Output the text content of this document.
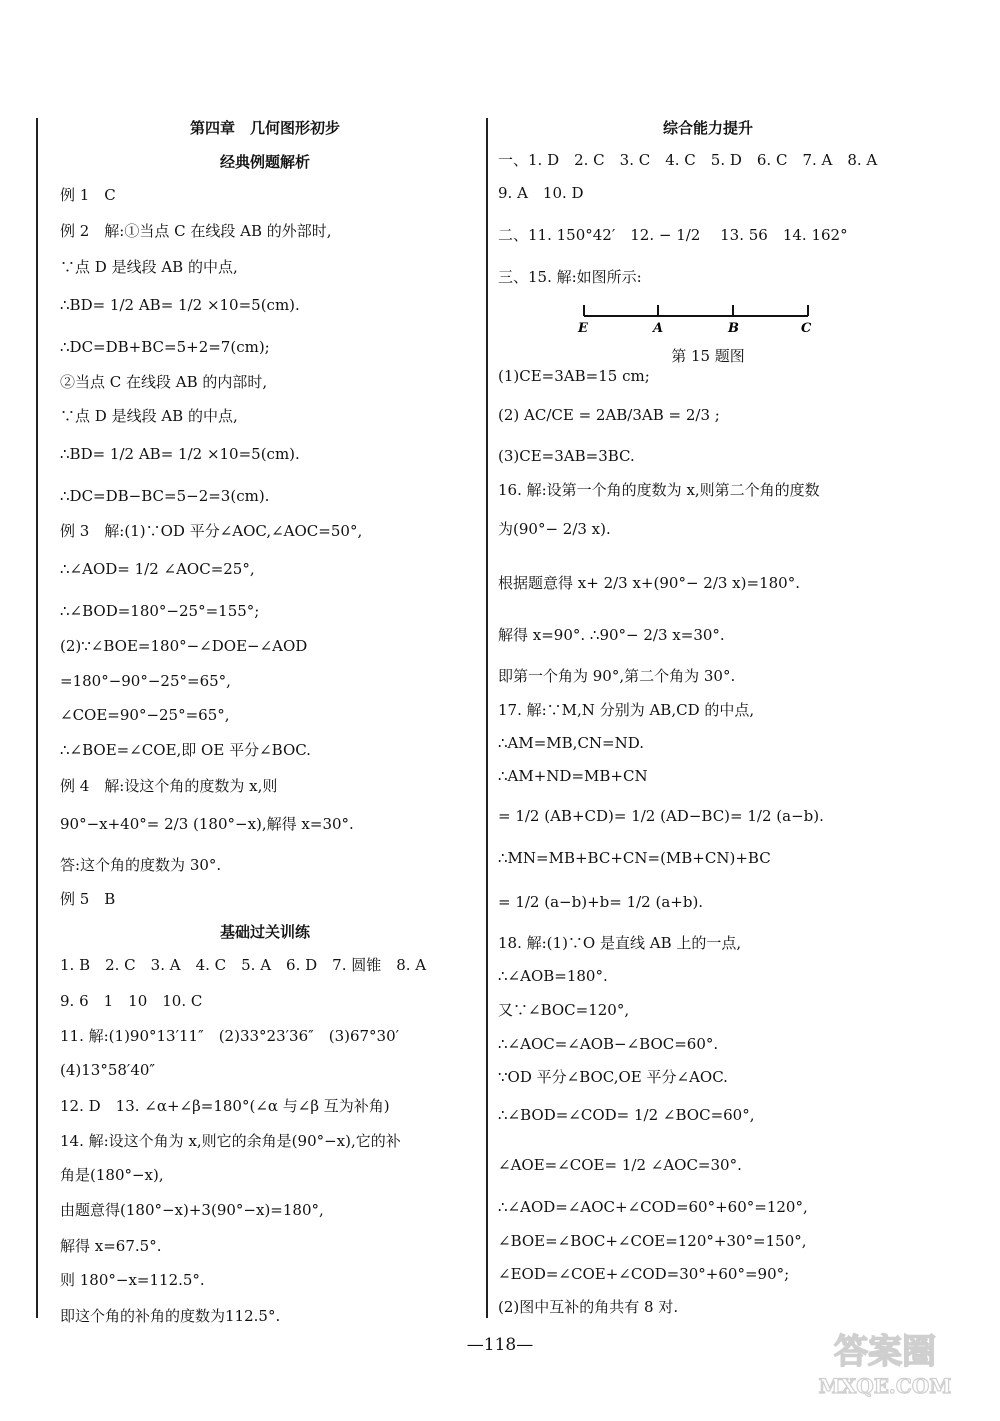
第四章　几何图形初步
经典例题解析
例 1　C
例 2　解:①当点 C 在线段 AB 的外部时,
∵点 D 是线段 AB 的中点,
∴BD= 1/2 AB= 1/2 ×10=5(cm).
∴DC=DB+BC=5+2=7(cm);
②当点 C 在线段 AB 的内部时,
∵点 D 是线段 AB 的中点,
∴BD= 1/2 AB= 1/2 ×10=5(cm).
∴DC=DB−BC=5−2=3(cm).
例 3　解:(1)∵OD 平分∠AOC,∠AOC=50°,
∴∠AOD= 1/2 ∠AOC=25°,
∴∠BOD=180°−25°=155°;
(2)∵∠BOE=180°−∠DOE−∠AOD
=180°−90°−25°=65°,
∠COE=90°−25°=65°,
∴∠BOE=∠COE,即 OE 平分∠BOC.
例 4　解:设这个角的度数为 x,则
90°−x+40°= 2/3 (180°−x),解得 x=30°.
答:这个角的度数为 30°.
例 5　B
基础过关训练
1. B　2. C　3. A　4. C　5. A　6. D　7. 圆锥　8. A
9. 6　1　10　10. C
11. 解:(1)90°13′11″　(2)33°23′36″　(3)67°30′
(4)13°58′40″
12. D　13. ∠α+∠β=180°(∠α 与∠β 互为补角)
14. 解:设这个角为 x,则它的余角是(90°−x),它的补
角是(180°−x),
由题意得(180°−x)+3(90°−x)=180°,
解得 x=67.5°.
则 180°−x=112.5°.
即这个角的补角的度数为112.5°.
综合能力提升
一、1. D　2. C　3. C　4. C　5. D　6. C　7. A　8. A
9. A　10. D
二、11. 150°42′　12. − 1/2 　13. 56　14. 162°
三、15. 解:如图所示:
E	A	B	C
第 15 题图
(1)CE=3AB=15 cm;
(2) AC/CE = 2AB/3AB = 2/3 ;
(3)CE=3AB=3BC.
16. 解:设第一个角的度数为 x,则第二个角的度数
为(90°− 2/3 x).
根据题意得 x+ 2/3 x+(90°− 2/3 x)=180°.
解得 x=90°. ∴90°− 2/3 x=30°.
即第一个角为 90°,第二个角为 30°.
17. 解:∵M,N 分别为 AB,CD 的中点,
∴AM=MB,CN=ND.
∴AM+ND=MB+CN
= 1/2 (AB+CD)= 1/2 (AD−BC)= 1/2 (a−b).
∴MN=MB+BC+CN=(MB+CN)+BC
= 1/2 (a−b)+b= 1/2 (a+b).
18. 解:(1)∵O 是直线 AB 上的一点,
∴∠AOB=180°.
又∵∠BOC=120°,
∴∠AOC=∠AOB−∠BOC=60°.
∵OD 平分∠BOC,OE 平分∠AOC.
∴∠BOD=∠COD= 1/2 ∠BOC=60°,
∠AOE=∠COE= 1/2 ∠AOC=30°.
∴∠AOD=∠AOC+∠COD=60°+60°=120°,
∠BOE=∠BOC+∠COE=120°+30°=150°,
∠EOD=∠COE+∠COD=30°+60°=90°;
(2)图中互补的角共有 8 对.
—118—	答案圈
MXQE.COM
